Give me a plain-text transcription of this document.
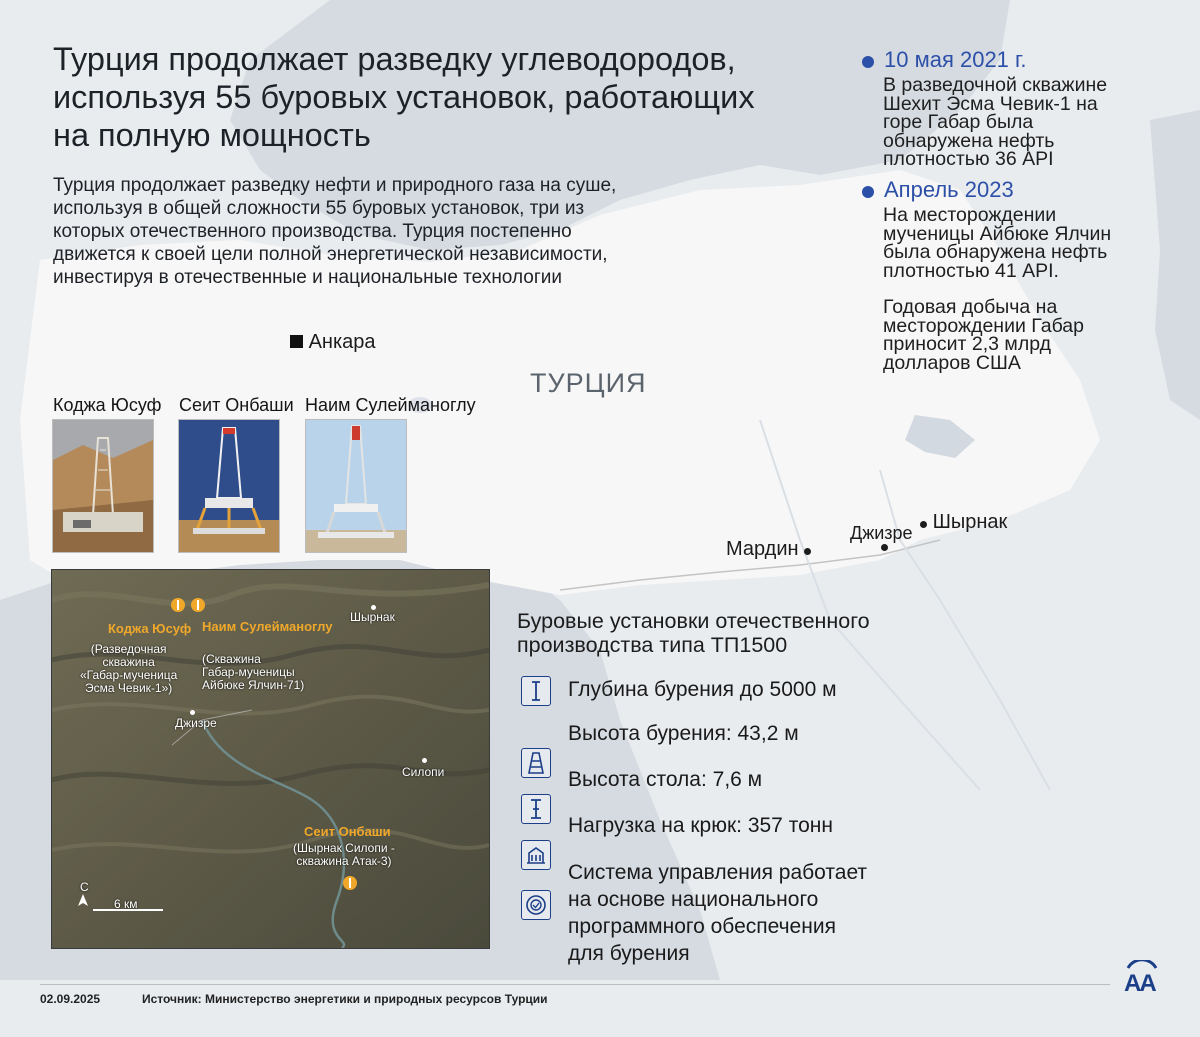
Турция продолжает разведку углеводородов,
используя 55 буровых установок, работающих
на полную мощность
Турция продолжает разведку нефти и природного газа на суше,
используя в общей сложности 55 буровых установок, три из
которых отечественного производства. Турция постепенно
движется к своей цели полной энергетической независимости,
инвестируя в отечественные и национальные технологии
Анкара
ТУРЦИЯ
Мардин
Джизре	Шырнак
10 мая 2021 г.
В разведочной скважине
Шехит Эсма Чевик-1 на
горе Габар была
обнаружена нефть
плотностью 36 API
Апрель 2023
На месторождении
мученицы Айбюке Ялчин
была обнаружена нефть
плотностью 41 API.
Годовая добыча на
месторождении Габар
приносит 2,3 млрд
долларов США
Коджа Юсуф Сеит Онбаши Наим Сулейманоглу
Коджа Юсуф
(Разведочная
скважина
«Габар-мученица
Эсма Чевик-1»)
Наим Сулейманоглу
(Скважина
Габар-мученицы
Айбюке Ялчин-71)
Шырнак
Джизре
Силопи
Сеит Онбаши
(Шырнак Силопи -
скважина Атак-3)
С
6 км
Буровые установки отечественного
производства типа ТП1500
Глубина бурения до 5000 м
Высота бурения: 43,2 м
Высота стола: 7,6 м
Нагрузка на крюк: 357 тонн
Система управления работает
на основе национального
программного обеспечения
для бурения
02.09.2025	Источник: Министерство энергетики и природных ресурсов Турции
AA
